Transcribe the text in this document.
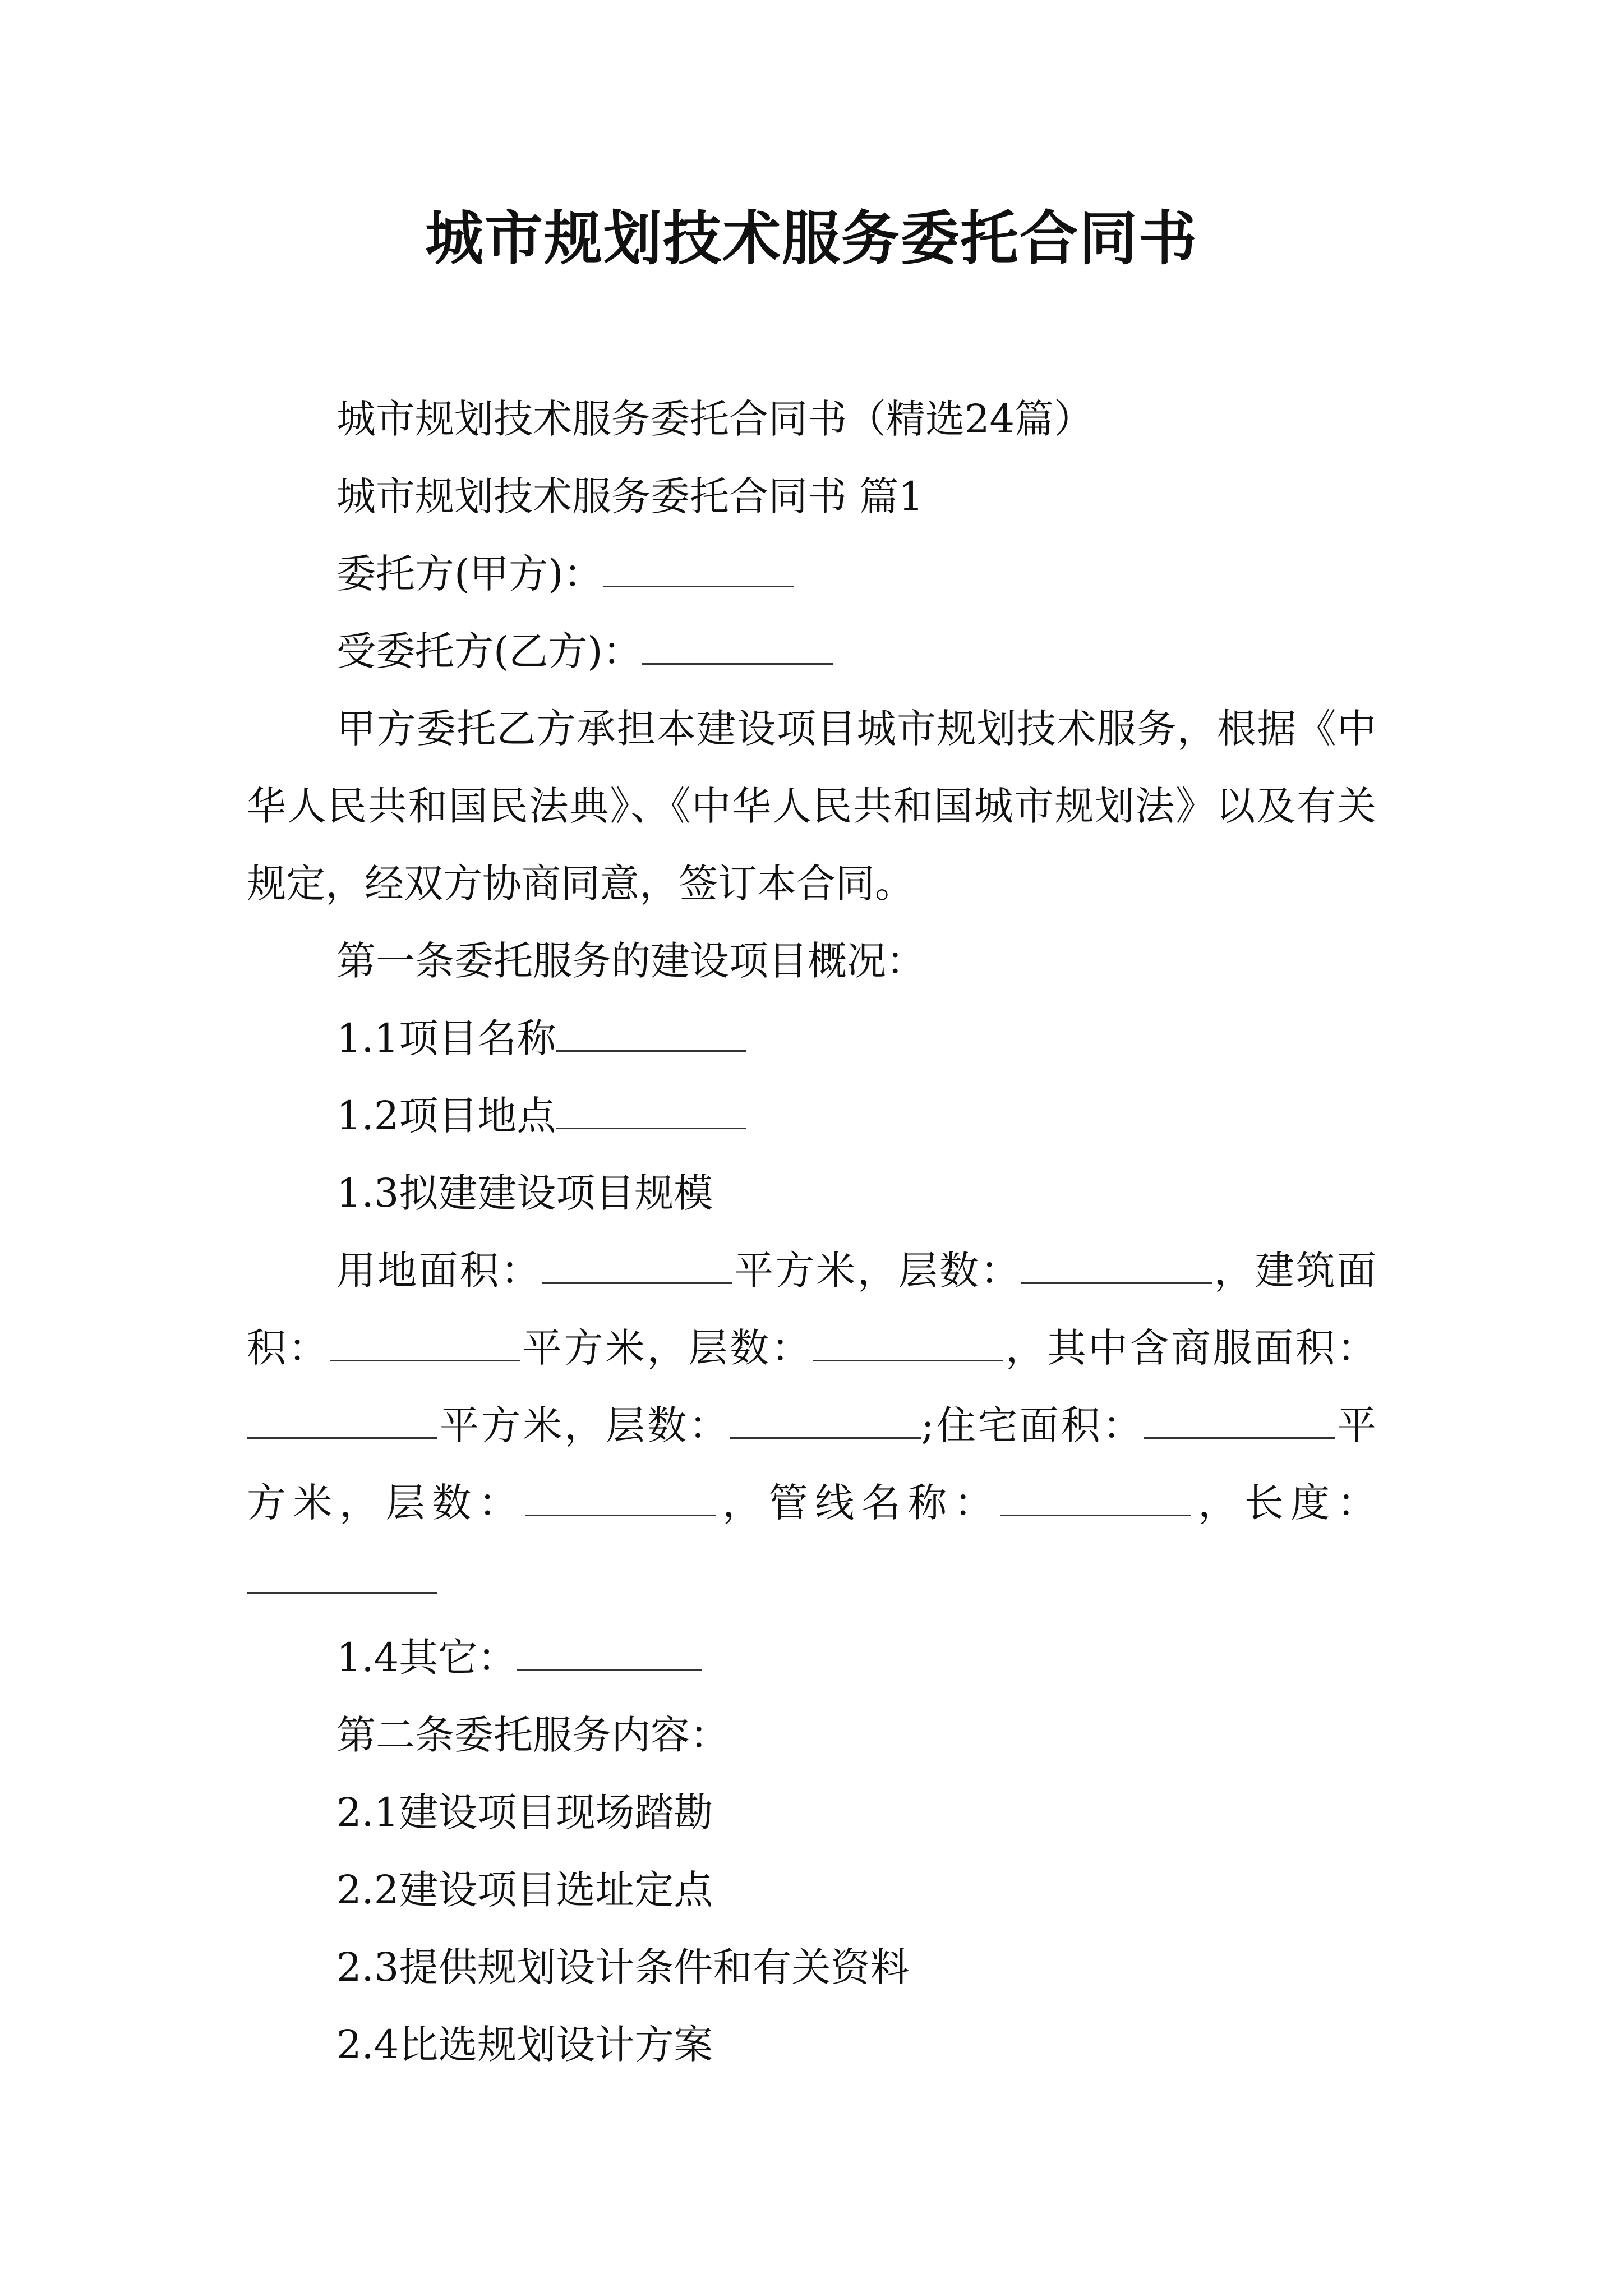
城市规划技术服务委托合同书

城市规划技术服务委托合同书（精选24篇）

城市规划技术服务委托合同书 篇1

委托方(甲方)：

受委托方(乙方)：

甲方委托乙方承担本建设项目城市规划技术服务，根据《中华人民共和国民法典》、《中华人民共和国城市规划法》以及有关规定，经双方协商同意，签订本合同。

第一条委托服务的建设项目概况：

1.1项目名称

1.2项目地点

1.3拟建建设项目规模

用地面积：	平方米，层数：	，建筑面积：	平方米，层数：	，其中含商服面积：平方米，层数：	;住宅面积：	平方米，层数：	，管线名称：	，长度：

1.4其它：

第二条委托服务内容：

2.1建设项目现场踏勘

2.2建设项目选址定点

2.3提供规划设计条件和有关资料

2.4比选规划设计方案
